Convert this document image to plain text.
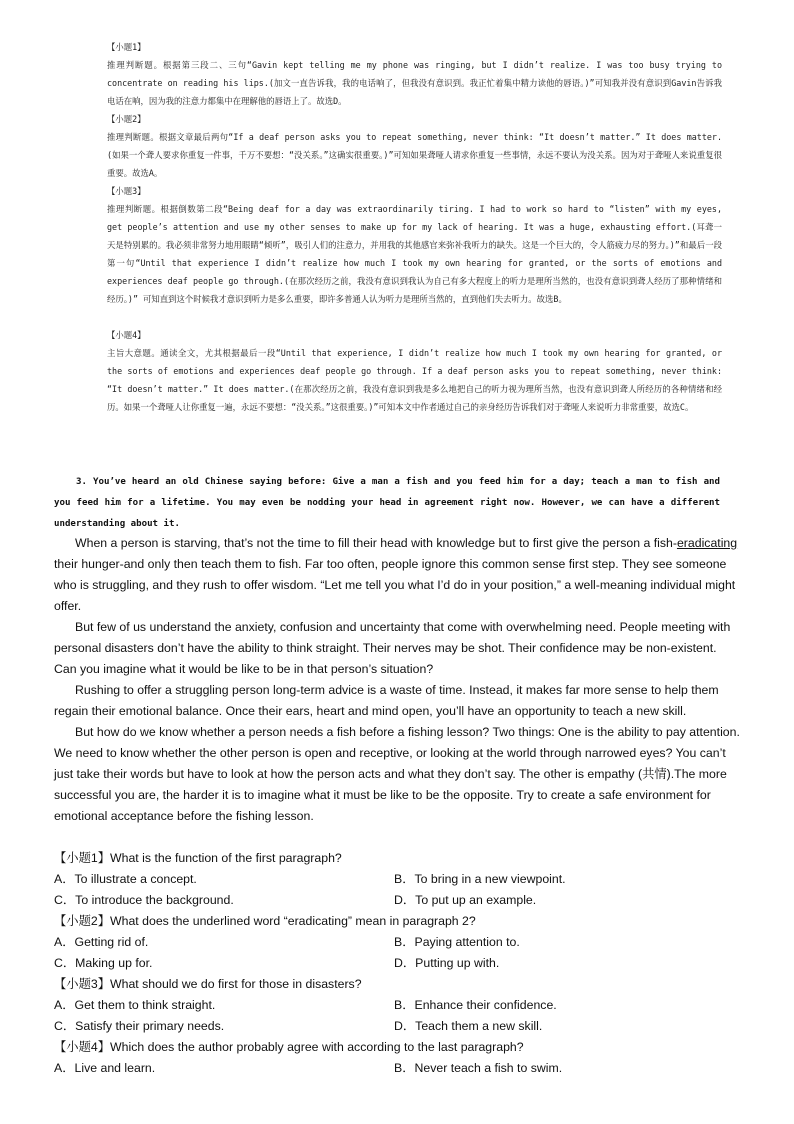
【小题1】

推理判断题。根据第三段二、三句“Gavin kept telling me my phone was ringing, but I didn’t realize. I was too busy trying to concentrate on reading his lips.(加文一直告诉我，我的电话响了，但我没有意识到。我正忙着集中精力读他的唇语。)”可知我并没有意识到Gavin告诉我电话在响，因为我的注意力都集中在理解他的唇语上了。故选D。

【小题2】

推理判断题。根据文章最后两句“If a deaf person asks you to repeat something, never think: “It doesn’t matter.” It does matter.(如果一个聋人要求你重复一件事，千万不要想：“没关系。”这确实很重要。)”可知如果聋哑人请求你重复一些事情，永远不要认为没关系。因为对于聋哑人来说重复很重要。故选A。

【小题3】

推理判断题。根据倒数第二段“Being deaf for a day was extraordinarily tiring. I had to work so hard to “listen” with my eyes, get people’s attention and use my other senses to make up for my lack of hearing. It was a huge, exhausting effort.(耳聋一天是特别累的。我必须非常努力地用眼睛“倾听”，吸引人们的注意力，并用我的其他感官来弥补我听力的缺失。这是一个巨大的，令人筋疲力尽的努力。)”和最后一段第一句“Until that experience I didn’t realize how much I took my own hearing for granted, or the sorts of emotions and experiences deaf people go through.(在那次经历之前，我没有意识到我认为自己有多大程度上的听力是理所当然的，也没有意识到聋人经历了那种情绪和经历。)” 可知直到这个时候我才意识到听力是多么重要，即许多普通人认为听力是理所当然的，直到他们失去听力。故选B。

【小题4】

主旨大意题。通读全文，尤其根据最后一段“Until that experience, I didn’t realize how much I took my own hearing for granted, or the sorts of emotions and experiences deaf people go through. If a deaf person asks you to repeat something, never think: “It doesn’t matter.” It does matter.(在那次经历之前，我没有意识到我是多么地把自己的听力视为理所当然，也没有意识到聋人所经历的各种情绪和经历。如果一个聋哑人让你重复一遍，永远不要想：“没关系。”这很重要。)”可知本文中作者通过自己的亲身经历告诉我们对于聋哑人来说听力非常重要，故选C。

3. You’ve heard an old Chinese saying before: Give a man a fish and you feed him for a day; teach a man to fish and you feed him for a lifetime. You may even be nodding your head in agreement right now. However, we can have a different understanding about it.

When a person is starving, that’s not the time to fill their head with knowledge but to first give the person a fish-eradicating their hunger-and only then teach them to fish. Far too often, people ignore this common sense first step. They see someone who is struggling, and they rush to offer wisdom. “Let me tell you what I’d do in your position,” a well-meaning individual might offer.

But few of us understand the anxiety, confusion and uncertainty that come with overwhelming need. People meeting with personal disasters don’t have the ability to think straight. Their nerves may be shot. Their confidence may be non-existent. Can you imagine what it would be like to be in that person’s situation?

Rushing to offer a struggling person long-term advice is a waste of time. Instead, it makes far more sense to help them regain their emotional balance. Once their ears, heart and mind open, you’ll have an opportunity to teach a new skill.

But how do we know whether a person needs a fish before a fishing lesson? Two things: One is the ability to pay attention. We need to know whether the other person is open and receptive, or looking at the world through narrowed eyes? You can’t just take their words but have to look at how the person acts and what they don’t say. The other is empathy (共情).The more successful you are, the harder it is to imagine what it must be like to be the opposite. Try to create a safe environment for emotional acceptance before the fishing lesson.

【小题1】What is the function of the first paragraph?
A．To illustrate a concept.	B．To bring in a new viewpoint.
C．To introduce the background.	D．To put up an example.
【小题2】What does the underlined word “eradicating” mean in paragraph 2?
A．Getting rid of.	B．Paying attention to.
C．Making up for.	D．Putting up with.
【小题3】What should we do first for those in disasters?
A．Get them to think straight.	B．Enhance their confidence.
C．Satisfy their primary needs.	D．Teach them a new skill.
【小题4】Which does the author probably agree with according to the last paragraph?
A．Live and learn.	B．Never teach a fish to swim.
